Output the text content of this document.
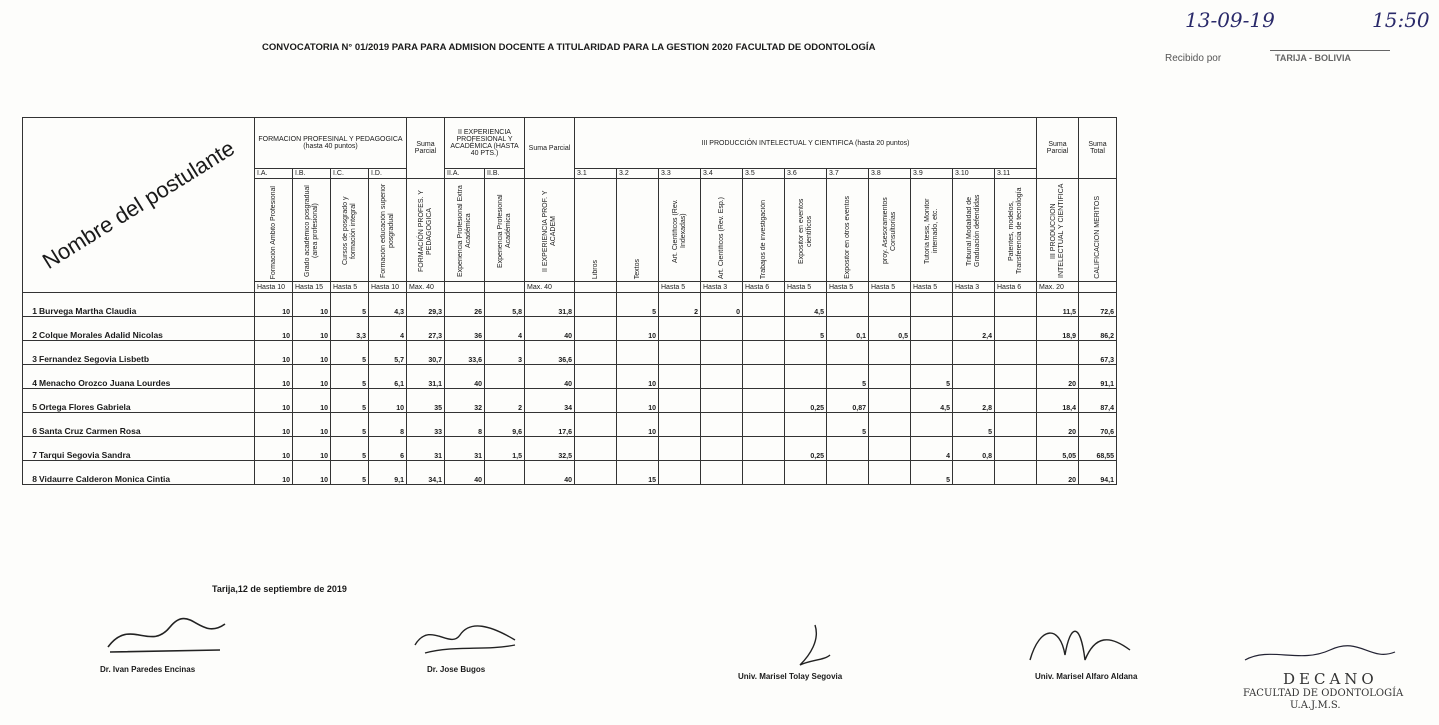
CONVOCATORIA N° 01/2019 PARA PARA ADMISION DOCENTE A TITULARIDAD PARA LA GESTION 2020 FACULTAD DE ODONTOLOGÍA
13-09-19	15:50
Recibido por	TARIJA - BOLIVIA
Nombre del postulante	FORMACION PROFESINAL Y PEDAGOGICA (hasta 40 puntos)				Suma Parcial	II EXPERIENCIA PROFESIONAL Y ACADÉMICA (HASTA 40 PTS.)		Suma Parcial	III PRODUCCIÓN INTELECTUAL Y CIENTIFICA (hasta 20 puntos)											Suma Parcial	Suma Total
	I.A.	I.B.	I.C.	I.D.		II.A.	II.B.		3.1	3.2	3.3	3.4	3.5	3.6	3.7	3.8	3.9	3.10	3.11		
	Formación Ambito Profesional	Grado académico posgradual (area profesional)	Cursos de posgrado y formación integral	Formación educación superior posgradual	FORMACIÓN PROFES. Y PEDAGOGICA	Experiencia Profesional Extra Académica	Experiencia Profesional Académica	II EXPERIENCIA PROF. Y ACADEM	Libros	Textos	Art. Científicos (Rev. Indexadas)	Art. Científicos (Rev. Esp.)	Trabajos de investigación	Expositor en eventos científicos	Expositor en otros eventos	proy. Asesoramientos Consultorías	Tutoría tesis, Monitor internado, etc.	Tribunal Modalidad de Graduación defendidas	Patentes, modelos, Transferencia de tecnología	III PRODUCCION INTELECTUAL Y CIENTIFICA	CALIFICACION MERITOS
	Hasta 10	Hasta 15	Hasta 5	Hasta 10	Max. 40			Max. 40			Hasta 5	Hasta 3	Hasta 6	Hasta 5	Hasta 5	Hasta 5	Hasta 5	Hasta 3	Hasta 6	Max. 20	
1 Burvega Martha Claudia	10	10	5	4,3	29,3	26	5,8	31,8		5	2	0		4,5						11,5	72,6
2 Colque Morales Adalid Nicolas	10	10	3,3	4	27,3	36	4	40		10				5	0,1	0,5		2,4		18,9	86,2
3 Fernandez Segovia Lisbetb	10	10	5	5,7	30,7	33,6	3	36,6													67,3
4 Menacho Orozco Juana Lourdes	10	10	5	6,1	31,1	40		40		10					5		5			20	91,1
5 Ortega Flores Gabriela	10	10	5	10	35	32	2	34		10				0,25	0,87		4,5	2,8		18,4	87,4
6 Santa Cruz Carmen Rosa	10	10	5	8	33	8	9,6	17,6		10					5			5		20	70,6
7 Tarqui Segovia Sandra	10	10	5	6	31	31	1,5	32,5						0,25			4	0,8		5,05	68,55
8 Vidaurre Calderon Monica Cintia	10	10	5	9,1	34,1	40		40		15							5			20	94,1
Tarija,12 de septiembre de 2019
Dr. Ivan Paredes Encinas	Dr. Jose Bugos
Univ. Marisel Tolay Segovia	Univ. Marisel Alfaro Aldana	DECANO
FACULTAD DE ODONTOLOGÍA
U.A.J.M.S.
